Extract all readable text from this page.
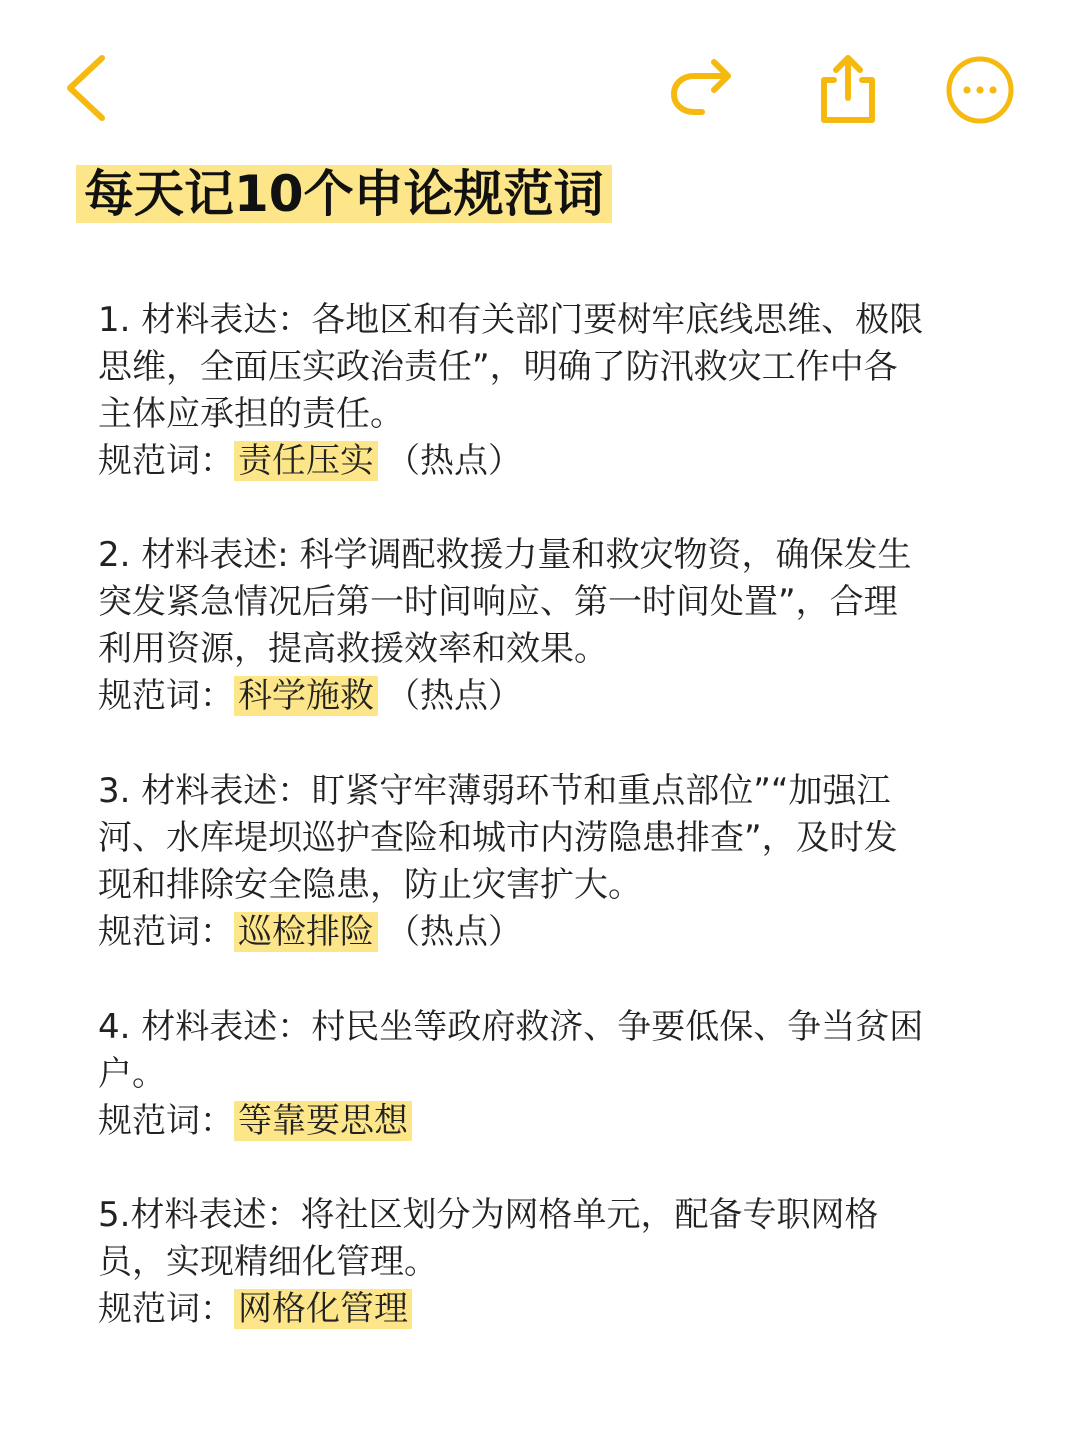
每天记10个申论规范词
1. 材料表达：各地区和有关部门要树牢底线思维、极限
思维，全面压实政治责任”，明确了防汛救灾工作中各
主体应承担的责任。
规范词： 责任压实 （热点）
2. 材料表述: 科学调配救援力量和救灾物资，确保发生
突发紧急情况后第一时间响应、第一时间处置”，合理
利用资源，提高救援效率和效果。
规范词： 科学施救 （热点）
3. 材料表述：盯紧守牢薄弱环节和重点部位”“加强江
河、水库堤坝巡护查险和城市内涝隐患排查”，及时发
现和排除安全隐患，防止灾害扩大。
规范词： 巡检排险 （热点）
4. 材料表述：村民坐等政府救济、争要低保、争当贫困
户。
规范词： 等靠要思想
5.材料表述：将社区划分为网格单元，配备专职网格
员，实现精细化管理。
规范词： 网格化管理
